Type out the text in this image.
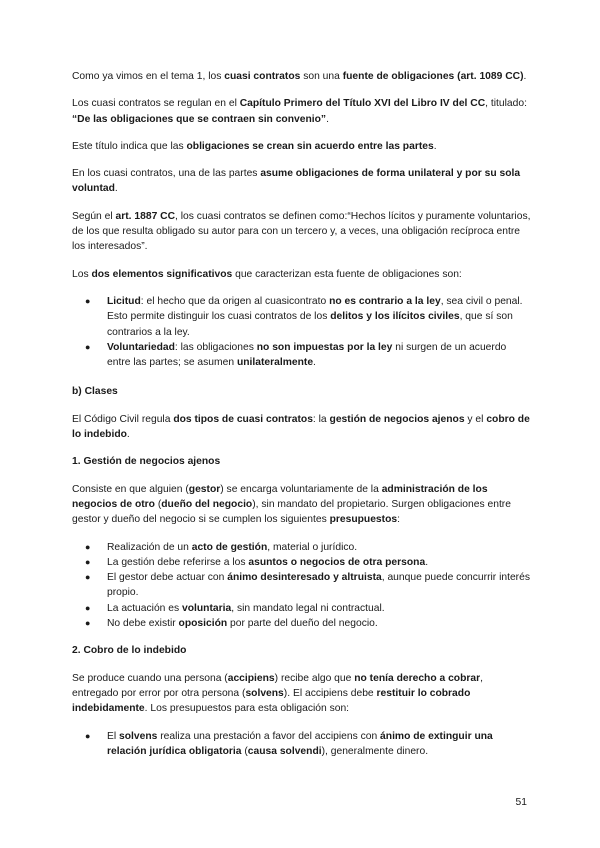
Como ya vimos en el tema 1, los cuasi contratos son una fuente de obligaciones (art. 1089 CC).

Los cuasi contratos se regulan en el Capítulo Primero del Título XVI del Libro IV del CC, titulado: “De las obligaciones que se contraen sin convenio”.

Este título indica que las obligaciones se crean sin acuerdo entre las partes.

En los cuasi contratos, una de las partes asume obligaciones de forma unilateral y por su sola voluntad.

Según el art. 1887 CC, los cuasi contratos se definen como:“Hechos lícitos y puramente voluntarios, de los que resulta obligado su autor para con un tercero y, a veces, una obligación recíproca entre los interesados”.

Los dos elementos significativos que caracterizan esta fuente de obligaciones son:

● Licitud: el hecho que da origen al cuasicontrato no es contrario a la ley, sea civil o penal. Esto permite distinguir los cuasi contratos de los delitos y los ilícitos civiles, que sí son contrarios a la ley.
● Voluntariedad: las obligaciones no son impuestas por la ley ni surgen de un acuerdo entre las partes; se asumen unilateralmente.

b) Clases

El Código Civil regula dos tipos de cuasi contratos: la gestión de negocios ajenos y el cobro de lo indebido.

1. Gestión de negocios ajenos

Consiste en que alguien (gestor) se encarga voluntariamente de la administración de los negocios de otro (dueño del negocio), sin mandato del propietario. Surgen obligaciones entre gestor y dueño del negocio si se cumplen los siguientes presupuestos:

● Realización de un acto de gestión, material o jurídico.
● La gestión debe referirse a los asuntos o negocios de otra persona.
● El gestor debe actuar con ánimo desinteresado y altruista, aunque puede concurrir interés propio.
● La actuación es voluntaria, sin mandato legal ni contractual.
● No debe existir oposición por parte del dueño del negocio.

2. Cobro de lo indebido

Se produce cuando una persona (accipiens) recibe algo que no tenía derecho a cobrar, entregado por error por otra persona (solvens). El accipiens debe restituir lo cobrado indebidamente. Los presupuestos para esta obligación son:

● El solvens realiza una prestación a favor del accipiens con ánimo de extinguir una relación jurídica obligatoria (causa solvendi), generalmente dinero.
51
